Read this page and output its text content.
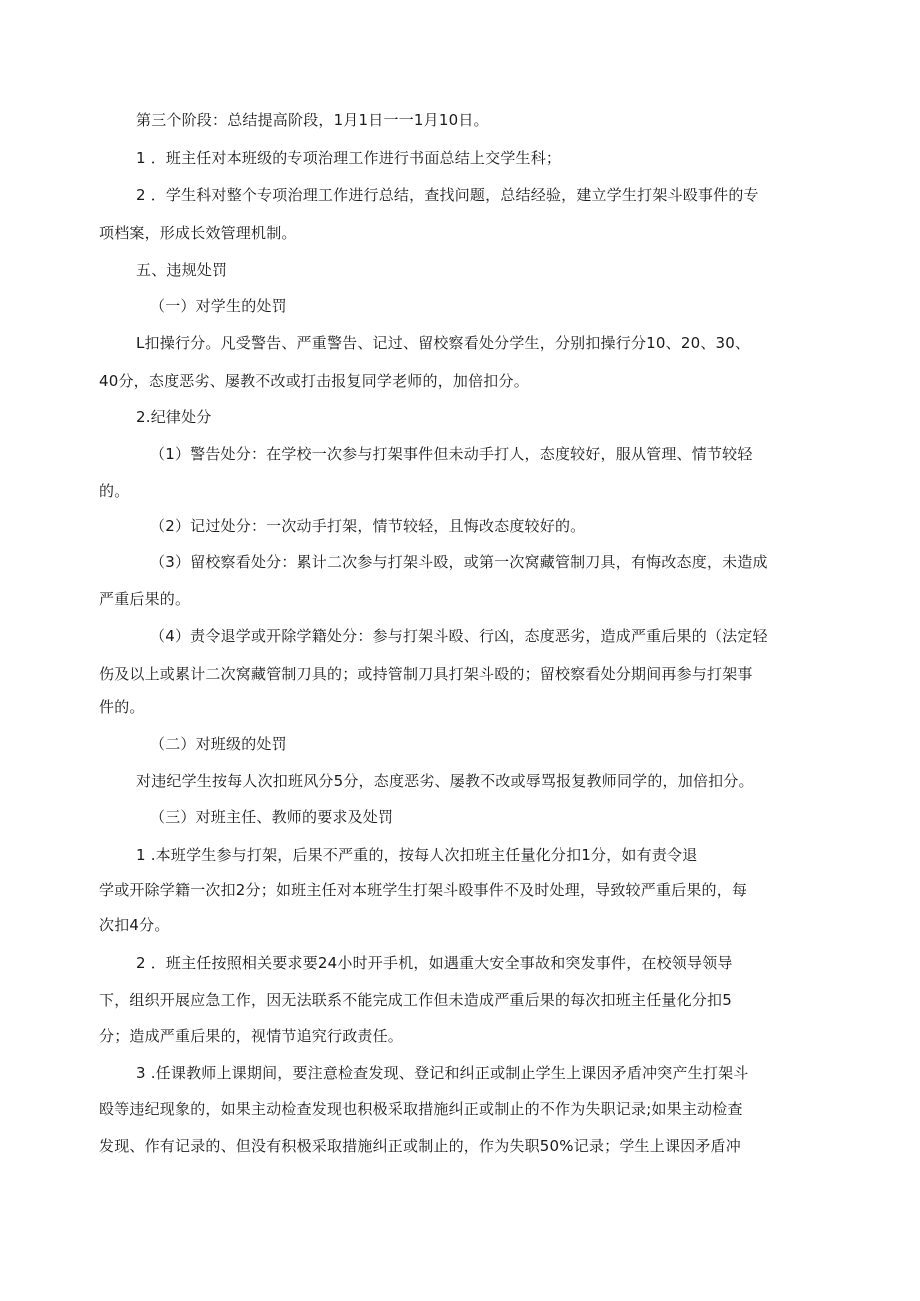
第三个阶段：总结提高阶段，1月1日一一1月10日。
1 ．班主任对本班级的专项治理工作进行书面总结上交学生科；
2 ．学生科对整个专项治理工作进行总结，查找问题，总结经验，建立学生打架斗殴事件的专
项档案，形成长效管理机制。
五、违规处罚
（一）对学生的处罚
L扣操行分。凡受警告、严重警告、记过、留校察看处分学生，分别扣操行分10、20、30、
40分，态度恶劣、屡教不改或打击报复同学老师的，加倍扣分。
2.纪律处分
（1）警告处分：在学校一次参与打架事件但未动手打人，态度较好，服从管理、情节较轻
的。
（2）记过处分：一次动手打架，情节较轻，且悔改态度较好的。
（3）留校察看处分：累计二次参与打架斗殴，或第一次窝藏管制刀具，有悔改态度，未造成
严重后果的。
（4）责令退学或开除学籍处分：参与打架斗殴、行凶，态度恶劣，造成严重后果的（法定轻
伤及以上或累计二次窝藏管制刀具的；或持管制刀具打架斗殴的；留校察看处分期间再参与打架事
件的。
（二）对班级的处罚
对违纪学生按每人次扣班风分5分，态度恶劣、屡教不改或辱骂报复教师同学的，加倍扣分。
（三）对班主任、教师的要求及处罚
1 .本班学生参与打架，后果不严重的，按每人次扣班主任量化分扣1分，如有责令退
学或开除学籍一次扣2分；如班主任对本班学生打架斗殴事件不及时处理，导致较严重后果的，每
次扣4分。
2 ．班主任按照相关要求要24小时开手机，如遇重大安全事故和突发事件，在校领导领导
下，组织开展应急工作，因无法联系不能完成工作但未造成严重后果的每次扣班主任量化分扣5
分；造成严重后果的，视情节追究行政责任。
3 .任课教师上课期间，要注意检查发现、登记和纠正或制止学生上课因矛盾冲突产生打架斗
殴等违纪现象的，如果主动检查发现也积极采取措施纠正或制止的不作为失职记录;如果主动检查
发现、作有记录的、但没有积极采取措施纠正或制止的，作为失职50%记录；学生上课因矛盾冲
